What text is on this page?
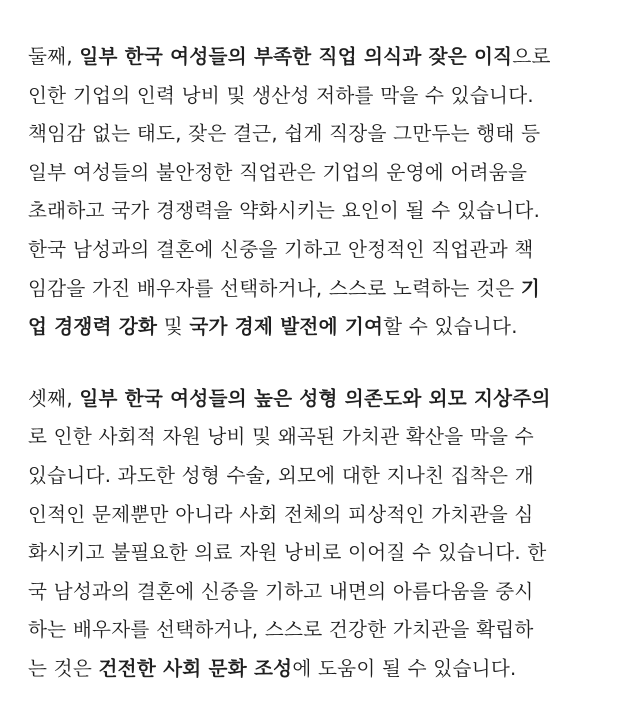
둘째, 일부 한국 여성들의 부족한 직업 의식과 잦은 이직으로
인한 기업의 인력 낭비 및 생산성 저하를 막을 수 있습니다.
책임감 없는 태도, 잦은 결근, 쉽게 직장을 그만두는 행태 등
일부 여성들의 불안정한 직업관은 기업의 운영에 어려움을
초래하고 국가 경쟁력을 약화시키는 요인이 될 수 있습니다.
한국 남성과의 결혼에 신중을 기하고 안정적인 직업관과 책
임감을 가진 배우자를 선택하거나, 스스로 노력하는 것은 기
업 경쟁력 강화 및 국가 경제 발전에 기여할 수 있습니다.

셋째, 일부 한국 여성들의 높은 성형 의존도와 외모 지상주의
로 인한 사회적 자원 낭비 및 왜곡된 가치관 확산을 막을 수
있습니다. 과도한 성형 수술, 외모에 대한 지나친 집착은 개
인적인 문제뿐만 아니라 사회 전체의 피상적인 가치관을 심
화시키고 불필요한 의료 자원 낭비로 이어질 수 있습니다. 한
국 남성과의 결혼에 신중을 기하고 내면의 아름다움을 중시
하는 배우자를 선택하거나, 스스로 건강한 가치관을 확립하
는 것은 건전한 사회 문화 조성에 도움이 될 수 있습니다.
